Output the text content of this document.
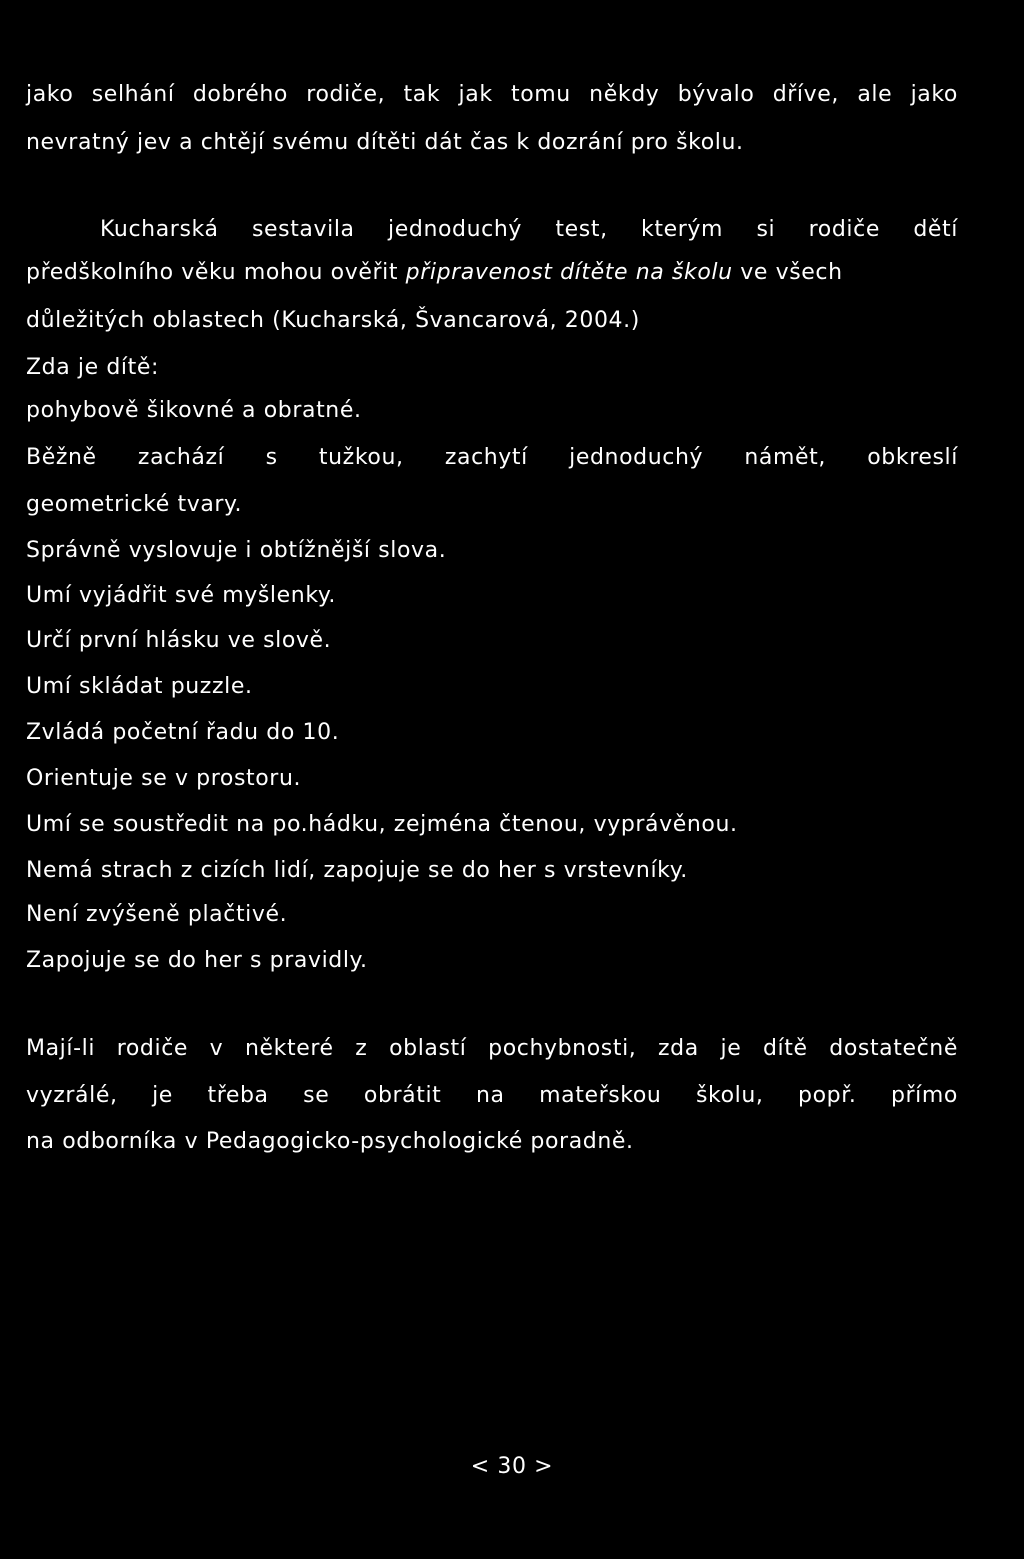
jako selhání dobrého rodiče, tak jak tomu někdy bývalo dříve, ale jako

nevratný jev a chtějí svému dítěti dát čas k dozrání pro školu.

Kucharská sestavila jednoduchý test, kterým si rodiče dětí

předškolního věku mohou ověřit připravenost dítěte na školu ve všech

důležitých oblastech (Kucharská, Švancarová, 2004.)

Zda je dítě:

pohybově šikovné a obratné.

Běžně zachází s tužkou, zachytí jednoduchý námět, obkreslí

geometrické tvary.

Správně vyslovuje i obtížnější slova.

Umí vyjádřit své myšlenky.

Určí první hlásku ve slově.

Umí skládat puzzle.

Zvládá početní řadu do 10.

Orientuje se v prostoru.

Umí se soustředit na po.hádku, zejména čtenou, vyprávěnou.

Nemá strach z cizích lidí, zapojuje se do her s vrstevníky.

Není zvýšeně plačtivé.

Zapojuje se do her s pravidly.

Mají-li rodiče v některé z oblastí pochybnosti, zda je dítě dostatečně

vyzrálé, je třeba se obrátit na mateřskou školu, popř. přímo

na odborníka v Pedagogicko-psychologické poradně.

< 30 >
